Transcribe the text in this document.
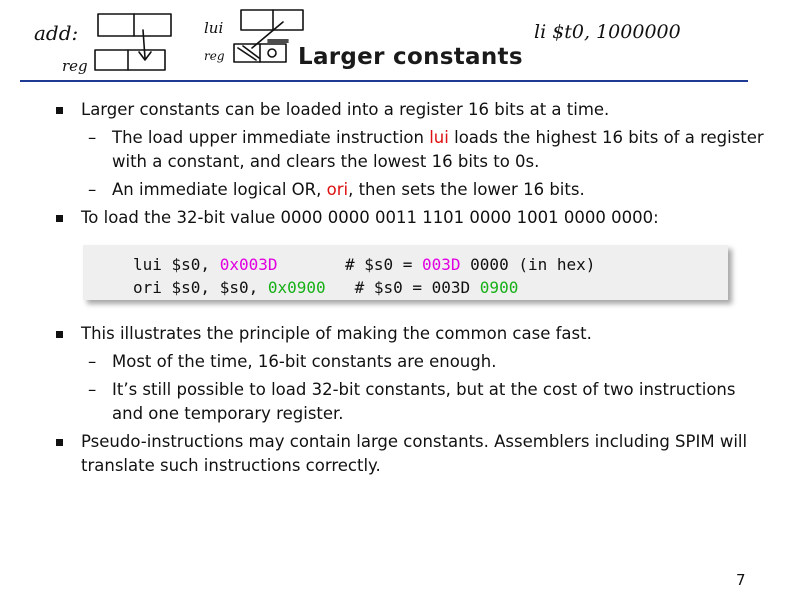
add:
reg
lui
reg
li $t0, 1000000
Larger constants

Larger constants can be loaded into a register 16 bits at a time.

– The load upper immediate instruction lui loads the highest 16 bits of a register with a constant, and clears the lowest 16 bits to 0s.

– An immediate logical OR, ori, then sets the lower 16 bits.

To load the 32-bit value 0000 0000 0011 1101 0000 1001 0000 0000:

lui $s0, 0x003D	# $s0 = 003D 0000 (in hex)
ori $s0, $s0, 0x0900 # $s0 = 003D 0900

This illustrates the principle of making the common case fast.

– Most of the time, 16-bit constants are enough.

– It’s still possible to load 32-bit constants, but at the cost of two instructions and one temporary register.

Pseudo-instructions may contain large constants. Assemblers including SPIM will translate such instructions correctly.

7
